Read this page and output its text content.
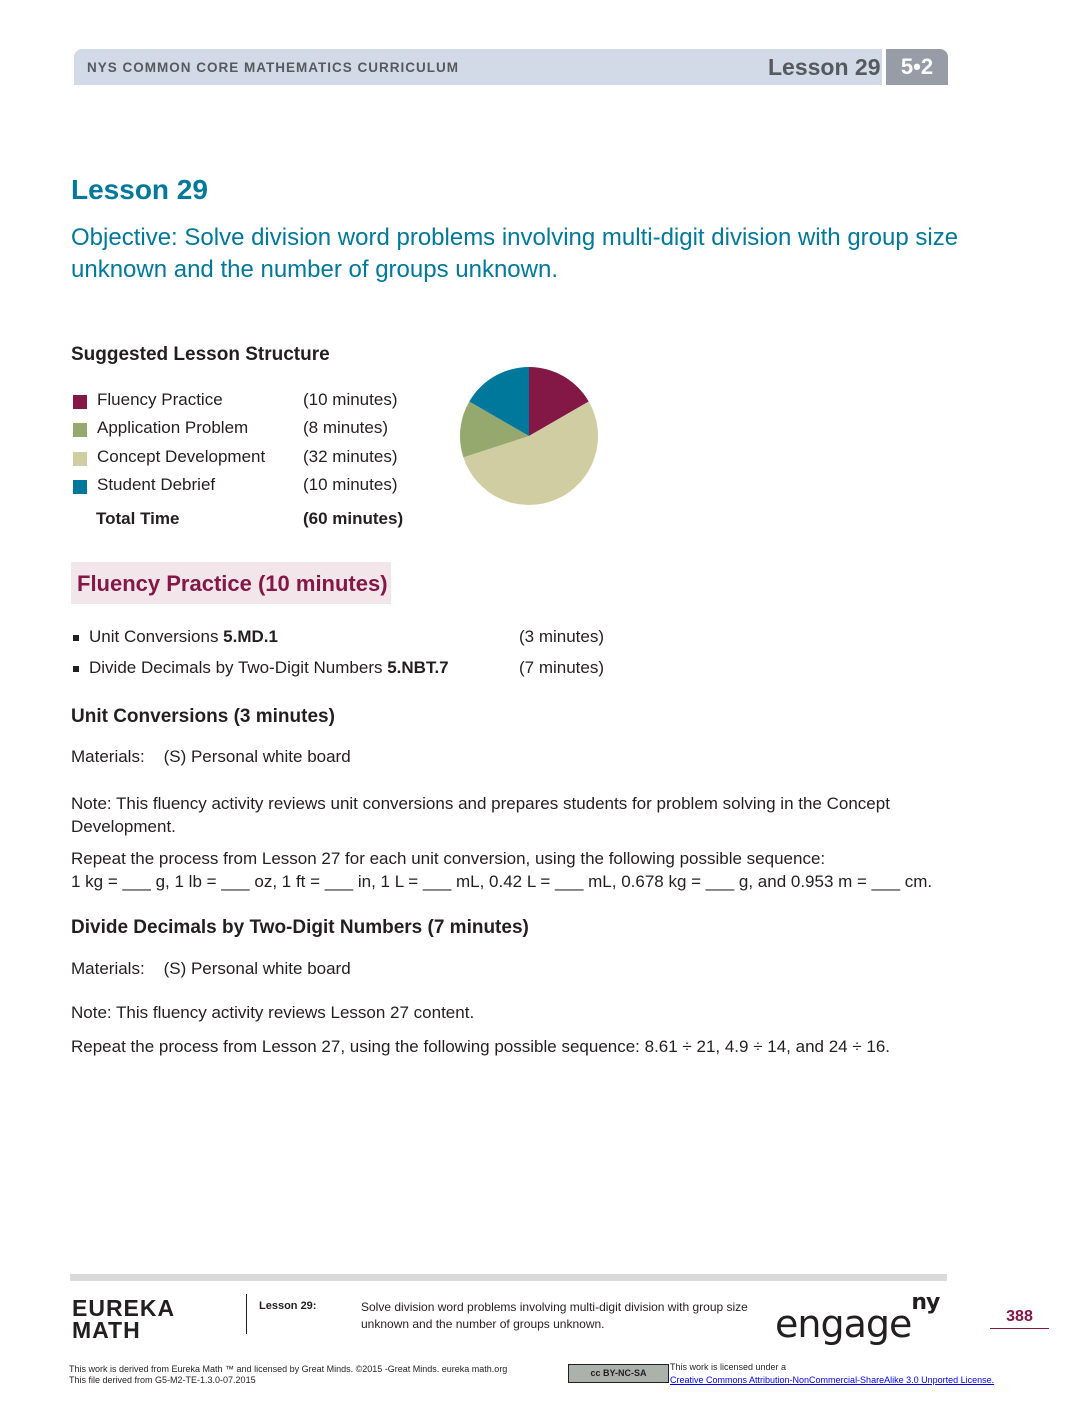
NYS COMMON CORE MATHEMATICS CURRICULUM	Lesson 29 5•2
Lesson 29
Objective: Solve division word problems involving multi-digit division with group size unknown and the number of groups unknown.
Suggested Lesson Structure
Fluency Practice	(10 minutes)
Application Problem	(8 minutes)
Concept Development (32 minutes)
Student Debrief	(10 minutes)
Total Time	(60 minutes)
Fluency Practice (10 minutes)
Unit Conversions 5.MD.1	(3 minutes)
Divide Decimals by Two-Digit Numbers 5.NBT.7	(7 minutes)
Unit Conversions (3 minutes)
Materials:    (S) Personal white board
Note: This fluency activity reviews unit conversions and prepares students for problem solving in the Concept Development.
Repeat the process from Lesson 27 for each unit conversion, using the following possible sequence:
1 kg = ___ g, 1 lb = ___ oz, 1 ft = ___ in, 1 L = ___ mL, 0.42 L = ___ mL, 0.678 kg = ___ g, and 0.953 m = ___ cm.
Divide Decimals by Two-Digit Numbers (7 minutes)
Materials:    (S) Personal white board
Note: This fluency activity reviews Lesson 27 content.
Repeat the process from Lesson 27, using the following possible sequence: 8.61 ÷ 21, 4.9 ÷ 14, and 24 ÷ 16.
EUREKA
MATH
Lesson 29:	Solve division word problems involving multi-digit division with group size unknown and the number of groups unknown.	engage$^{ny}$
388
This work is derived from Eureka Math ™ and licensed by Great Minds. ©2015 -Great Minds. eureka math.org
This file derived from G5-M2-TE-1.3.0-07.2015
cc BY-NC-SA
This work is licensed under a
Creative Commons Attribution-NonCommercial-ShareAlike 3.0 Unported License.
